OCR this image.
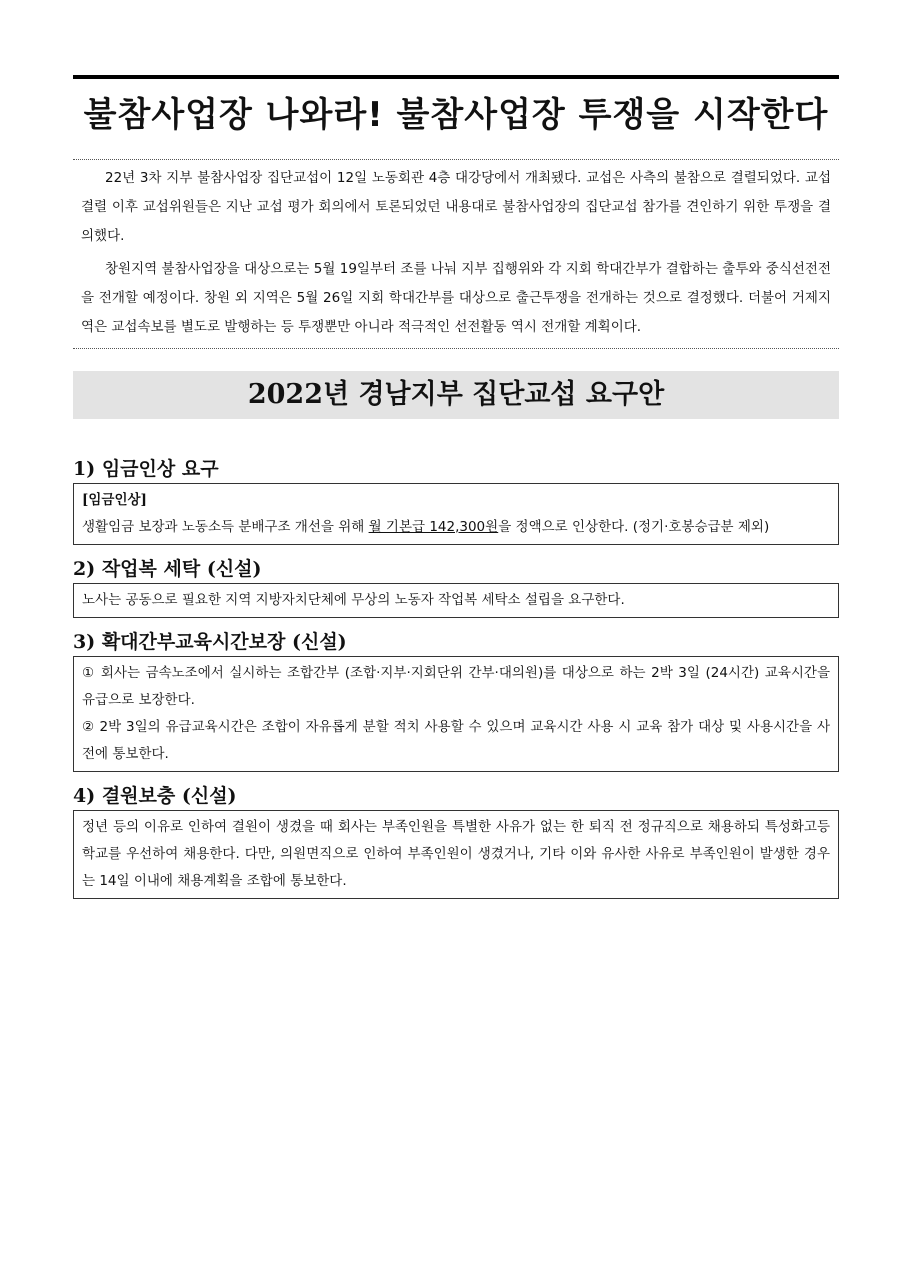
불참사업장 나와라! 불참사업장 투쟁을 시작한다

22년 3차 지부 불참사업장 집단교섭이 12일 노동회관 4층 대강당에서 개최됐다. 교섭은 사측의 불참으로 결렬되었다. 교섭 결렬 이후 교섭위원들은 지난 교섭 평가 회의에서 토론되었던 내용대로 불참사업장의 집단교섭 참가를 견인하기 위한 투쟁을 결의했다.

창원지역 불참사업장을 대상으로는 5월 19일부터 조를 나눠 지부 집행위와 각 지회 학대간부가 결합하는 출투와 중식선전전을 전개할 예정이다. 창원 외 지역은 5월 26일 지회 학대간부를 대상으로 출근투쟁을 전개하는 것으로 결정했다. 더불어 거제지역은 교섭속보를 별도로 발행하는 등 투쟁뿐만 아니라 적극적인 선전활동 역시 전개할 계획이다.

2022년 경남지부 집단교섭 요구안
1) 임금인상 요구
[임금인상]

생활임금 보장과 노동소득 분배구조 개선을 위해 월 기본급 142,300원을 정액으로 인상한다. (정기·호봉승급분 제외)

2) 작업복 세탁 (신설)

노사는 공동으로 필요한 지역 지방자치단체에 무상의 노동자 작업복 세탁소 설립을 요구한다.

3) 확대간부교육시간보장 (신설)

① 회사는 금속노조에서 실시하는 조합간부 (조합·지부·지회단위 간부·대의원)를 대상으로 하는 2박 3일 (24시간) 교육시간을 유급으로 보장한다.

② 2박 3일의 유급교육시간은 조합이 자유롭게 분할 적치 사용할 수 있으며 교육시간 사용 시 교육 참가 대상 및 사용시간을 사전에 통보한다.

4) 결원보충 (신설)

정년 등의 이유로 인하여 결원이 생겼을 때 회사는 부족인원을 특별한 사유가 없는 한 퇴직 전 정규직으로 채용하되 특성화고등학교를 우선하여 채용한다. 다만, 의원면직으로 인하여 부족인원이 생겼거나, 기타 이와 유사한 사유로 부족인원이 발생한 경우는 14일 이내에 채용계획을 조합에 통보한다.
